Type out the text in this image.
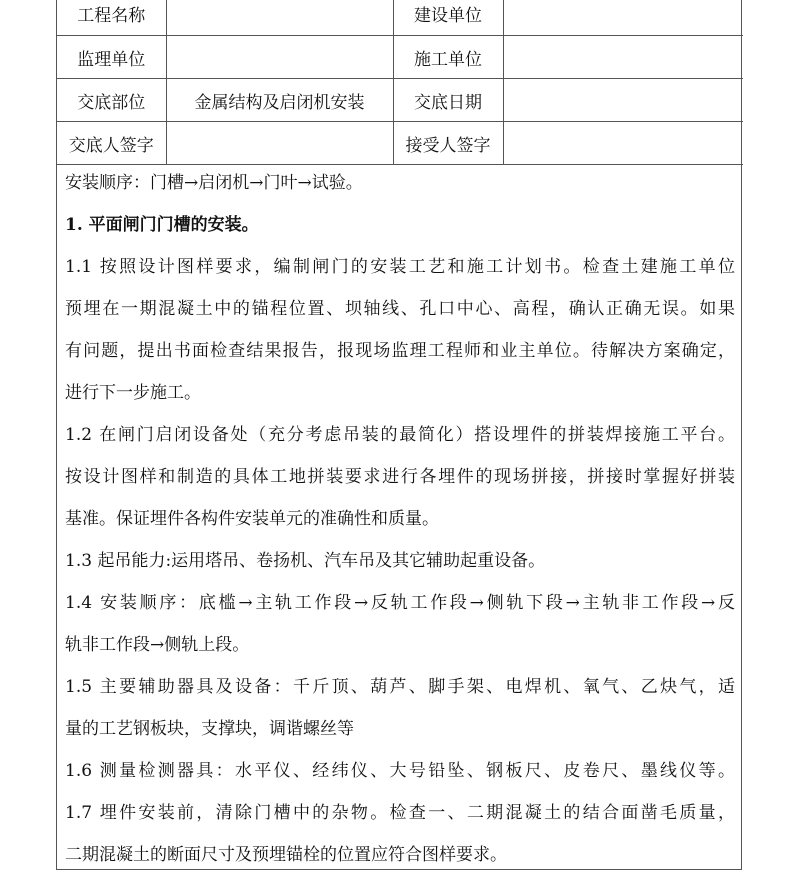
工程名称		建设单位	
监理单位		施工单位	
交底部位	金属结构及启闭机安装	交底日期	
交底人签字		接受人签字	
安装顺序：门槽→启闭机→门叶→试验。
1. 平面闸门门槽的安装。
1.1 按照设计图样要求，编制闸门的安装工艺和施工计划书。检查土建施工单位
预埋在一期混凝土中的锚程位置、坝轴线、孔口中心、高程，确认正确无误。如果
有问题，提出书面检查结果报告，报现场监理工程师和业主单位。待解决方案确定，
进行下一步施工。
1.2 在闸门启闭设备处（充分考虑吊装的最简化）搭设埋件的拼装焊接施工平台。
按设计图样和制造的具体工地拼装要求进行各埋件的现场拼接，拼接时掌握好拼装
基准。保证埋件各构件安装单元的准确性和质量。
1.3 起吊能力:运用塔吊、卷扬机、汽车吊及其它辅助起重设备。
1.4 安装顺序：底槛→主轨工作段→反轨工作段→侧轨下段→主轨非工作段→反
轨非工作段→侧轨上段。
1.5 主要辅助器具及设备：千斤顶、葫芦、脚手架、电焊机、氧气、乙炔气，适
量的工艺钢板块，支撑块，调谐螺丝等
1.6 测量检测器具：水平仪、经纬仪、大号铅坠、钢板尺、皮卷尺、墨线仪等。
1.7 埋件安装前，清除门槽中的杂物。检查一、二期混凝土的结合面凿毛质量，
二期混凝土的断面尺寸及预埋锚栓的位置应符合图样要求。
